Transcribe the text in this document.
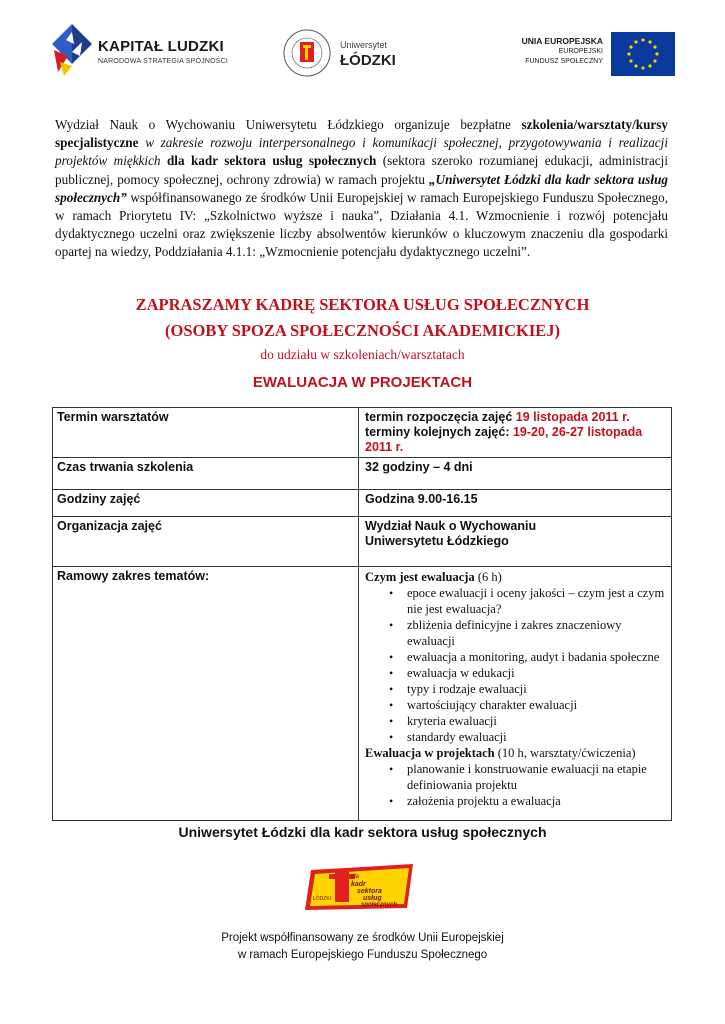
KAPITAŁ LUDZKI
NARODOWA STRATEGIA SPÓJNOŚCI
Uniwersytet
ŁÓDZKI
UNIA EUROPEJSKA
EUROPEJSKI
FUNDUSZ SPOŁECZNY
Wydział Nauk o Wychowaniu Uniwersytetu Łódzkiego organizuje bezpłatne szkolenia/warsztaty/kursy specjalistyczne w zakresie rozwoju interpersonalnego i komunikacji społecznej, przygotowywania i realizacji projektów miękkich dla kadr sektora usług społecznych (sektora szeroko rozumianej edukacji, administracji publicznej, pomocy społecznej, ochrony zdrowia) w ramach projektu „Uniwersytet Łódzki dla kadr sektora usług społecznych” współfinansowanego ze środków Unii Europejskiej w ramach Europejskiego Funduszu Społecznego, w ramach Priorytetu IV: „Szkolnictwo wyższe i nauka”, Działania 4.1. Wzmocnienie i rozwój potencjału dydaktycznego uczelni oraz zwiększenie liczby absolwentów kierunków o kluczowym znaczeniu dla gospodarki opartej na wiedzy, Poddziałania 4.1.1: „Wzmocnienie potencjału dydaktycznego uczelni”.
ZAPRASZAMY KADRĘ SEKTORA USŁUG SPOŁECZNYCH
(OSOBY SPOZA SPOŁECZNOŚCI AKADEMICKIEJ)
do udziału w szkoleniach/warsztatach
EWALUACJA W PROJEKTACH
Termin warsztatów	termin rozpoczęcia zajęć 19 listopada 2011 r.
terminy kolejnych zajęć: 19-20, 26-27 listopada 2011 r.
Czas trwania szkolenia	32 godziny – 4 dni
Godziny zajęć	Godzina 9.00-16.15
Organizacja zajęć	Wydział Nauk o Wychowaniu
Uniwersytetu Łódzkiego
Ramowy zakres tematów:	Czym jest ewaluacja (6 h)
• epoce ewaluacji i oceny jakości – czym jest a czym nie jest ewaluacja?
• zbliżenia definicyjne i zakres znaczeniowy ewaluacji
• ewaluacja a monitoring, audyt i badania społeczne
• ewaluacja w edukacji
• typy i rodzaje ewaluacji
• wartościujący charakter ewaluacji
• kryteria ewaluacji
• standardy ewaluacji
Ewaluacja w projektach (10 h, warsztaty/ćwiczenia)
• planowanie i konstruowanie ewaluacji na etapie definiowania projektu
• założenia projektu a ewaluacja
Uniwersytet Łódzki dla kadr sektora usług społecznych
dla
kadr
sektora
usług
społecznych
ŁÓDZKI
Projekt współfinansowany ze środków Unii Europejskiej
w ramach Europejskiego Funduszu Społecznego
